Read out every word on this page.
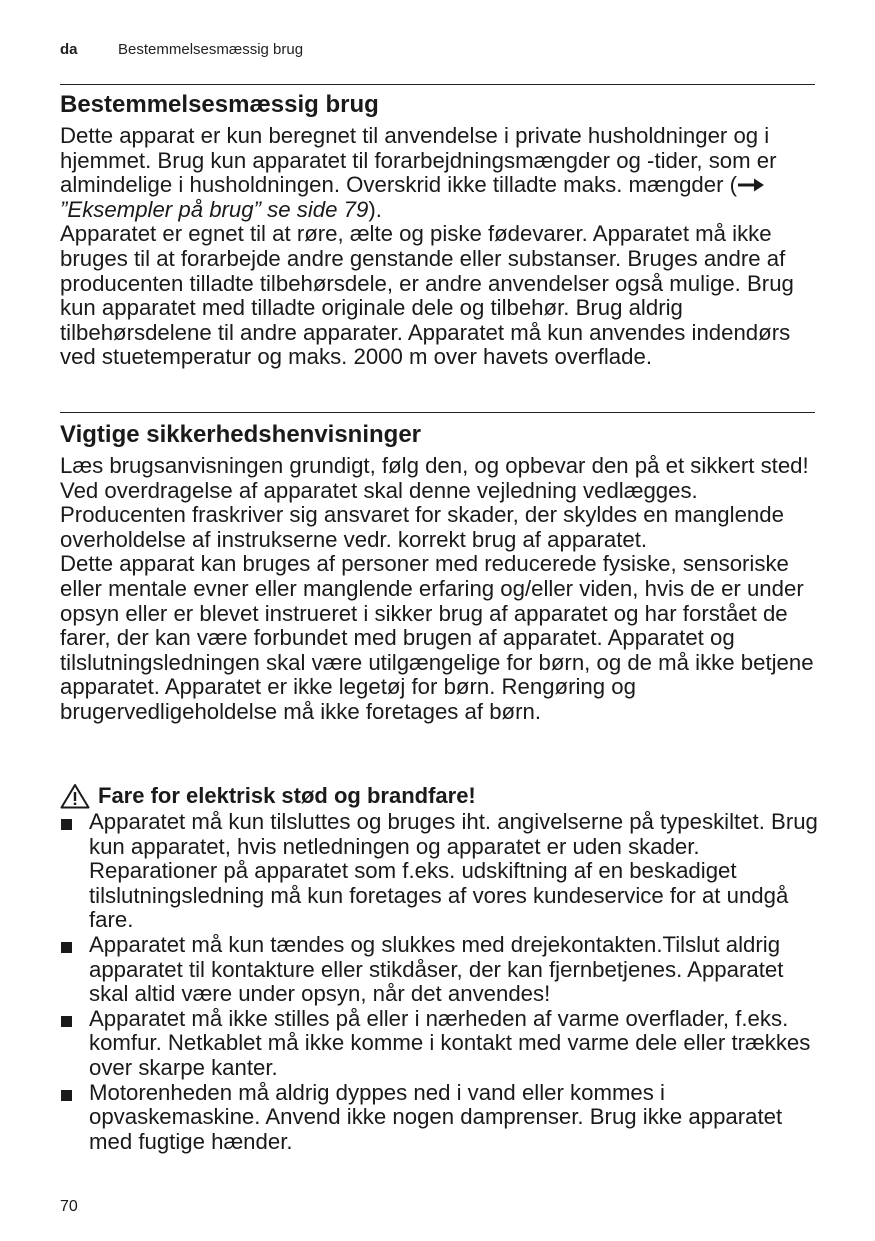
da	Bestemmelsesmæssig brug
Bestemmelsesmæssig brug

Dette apparat er kun beregnet til anvendelse i private husholdninger og i hjemmet. Brug kun apparatet til forarbejdningsmængder og -tider, som er almindelige i husholdningen. Overskrid ikke tilladte maks. mængder (”Eksempler på brug” se side 79).

Apparatet er egnet til at røre, ælte og piske fødevarer. Apparatet må ikke bruges til at forarbejde andre genstande eller substanser. Bruges andre af producenten tilladte tilbehørsdele, er andre anvendelser også mulige. Brug kun apparatet med tilladte originale dele og tilbehør. Brug aldrig tilbehørsdelene til andre apparater. Apparatet må kun anvendes indendørs ved stuetemperatur og maks. 2000 m over havets overflade.

Vigtige sikkerhedshenvisninger

Læs brugsanvisningen grundigt, følg den, og opbevar den på et sikkert sted! Ved overdragelse af apparatet skal denne vejledning vedlægges. Producenten fraskriver sig ansvaret for skader, der skyldes en manglende overholdelse af instrukserne vedr. korrekt brug af apparatet.

Dette apparat kan bruges af personer med reducerede fysiske, sensoriske eller mentale evner eller manglende erfaring og/eller viden, hvis de er under opsyn eller er blevet instrueret i sikker brug af apparatet og har forstået de farer, der kan være forbundet med brugen af apparatet. Apparatet og tilslutningsledningen skal være utilgængelige for børn, og de må ikke betjene apparatet. Apparatet er ikke legetøj for børn. Rengøring og brugervedligeholdelse må ikke foretages af børn.

Fare for elektrisk stød og brandfare!
Apparatet må kun tilsluttes og bruges iht. angivelserne på typeskiltet. Brug kun apparatet, hvis netledningen og apparatet er uden skader. Reparationer på apparatet som f.eks. udskiftning af en beskadiget tilslutningsledning må kun foretages af vores kundeservice for at undgå fare.
Apparatet må kun tændes og slukkes med drejekontakten.Tilslut aldrig apparatet til kontakture eller stikdåser, der kan fjernbetjenes. Apparatet skal altid være under opsyn, når det anvendes!
Apparatet må ikke stilles på eller i nærheden af varme overflader, f.eks. komfur. Netkablet må ikke komme i kontakt med varme dele eller trækkes over skarpe kanter.
Motorenheden må aldrig dyppes ned i vand eller kommes i opvaskemaskine. Anvend ikke nogen damprenser. Brug ikke apparatet med fugtige hænder.
70
